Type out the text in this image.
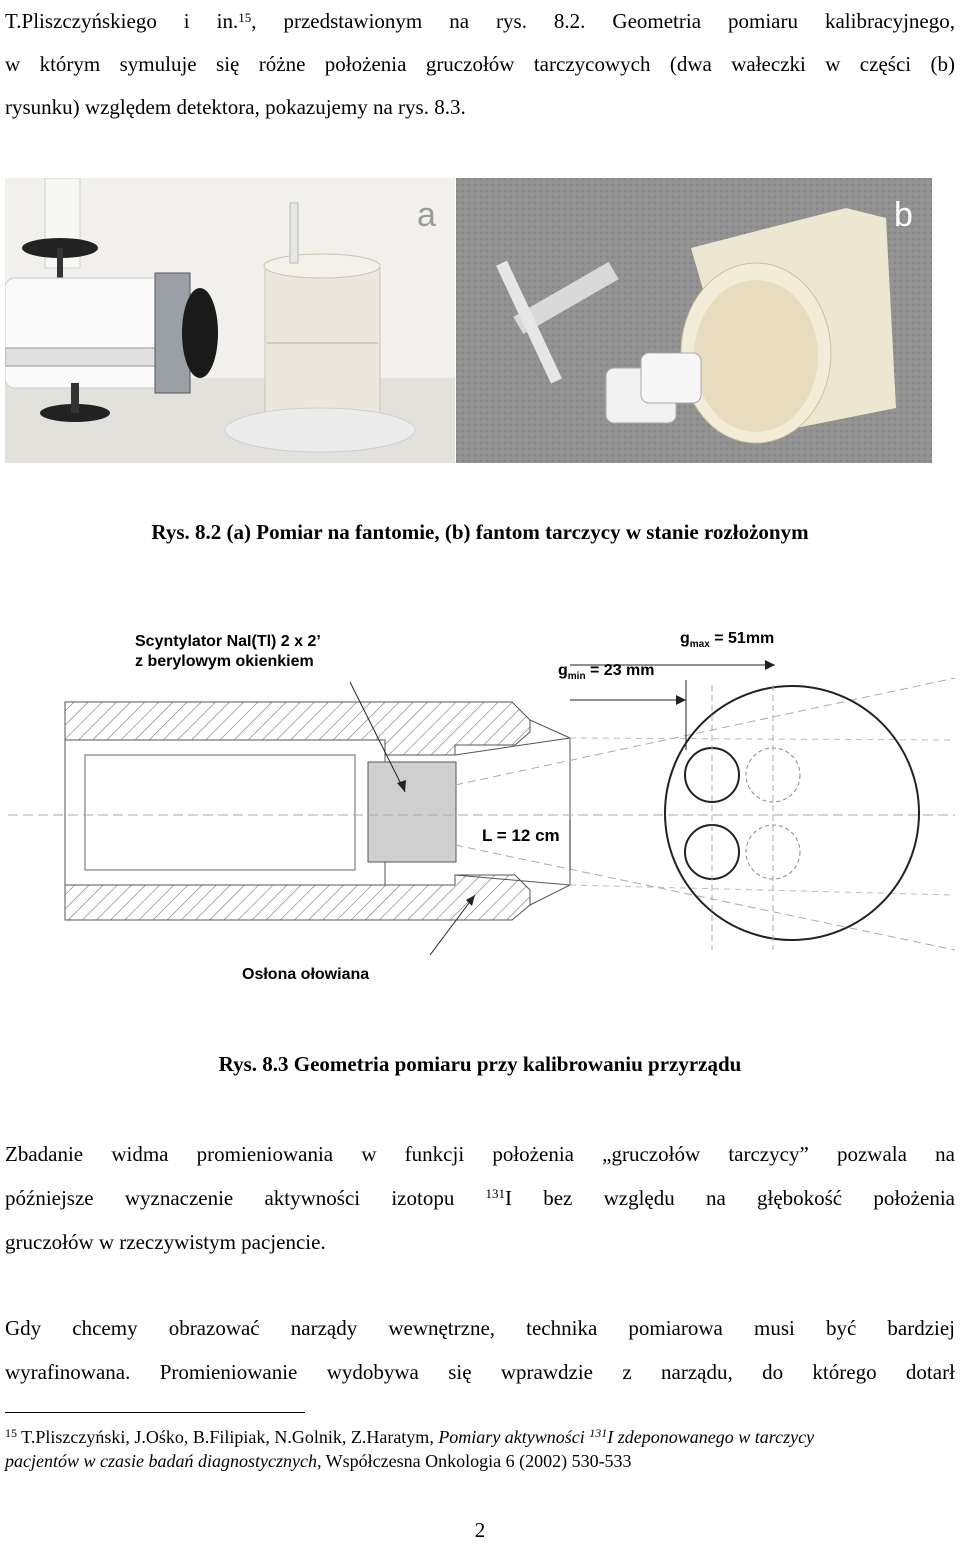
T.Pliszczyńskiego i in.$^{15}$, przedstawionym na rys. 8.2. Geometria pomiaru kalibracyjnego,
w którym symuluje się różne położenia gruczołów tarczycowych (dwa wałeczki w części (b)
rysunku) względem detektora, pokazujemy na rys. 8.3.
a	b
Rys. 8.2 (a) Pomiar na fantomie, (b) fantom tarczycy w stanie rozłożonym
Scyntylator NaI(Tl) 2 x 2’
z berylowym okienkiem
$g_{max} = 51mm$
$g_{min} = 23$ mm
L = 12 cm
Osłona ołowiana
Rys. 8.3 Geometria pomiaru przy kalibrowaniu przyrządu
Zbadanie widma promieniowania w funkcji położenia „gruczołów tarczycy” pozwala na
późniejsze wyznaczenie aktywności izotopu $^{131}$I bez względu na głębokość położenia
gruczołów w rzeczywistym pacjencie.
Gdy chcemy obrazować narządy wewnętrzne, technika pomiarowa musi być bardziej
wyrafinowana. Promieniowanie wydobywa się wprawdzie z narządu, do którego dotarł
$^{15}$ T.Pliszczyński, J.Ośko, B.Filipiak, N.Golnik, Z.Haratym, Pomiary aktywności $^{131}$I zdeponowanego w tarczycy
pacjentów w czasie badań diagnostycznych, Współczesna Onkologia 6 (2002) 530-533
2
